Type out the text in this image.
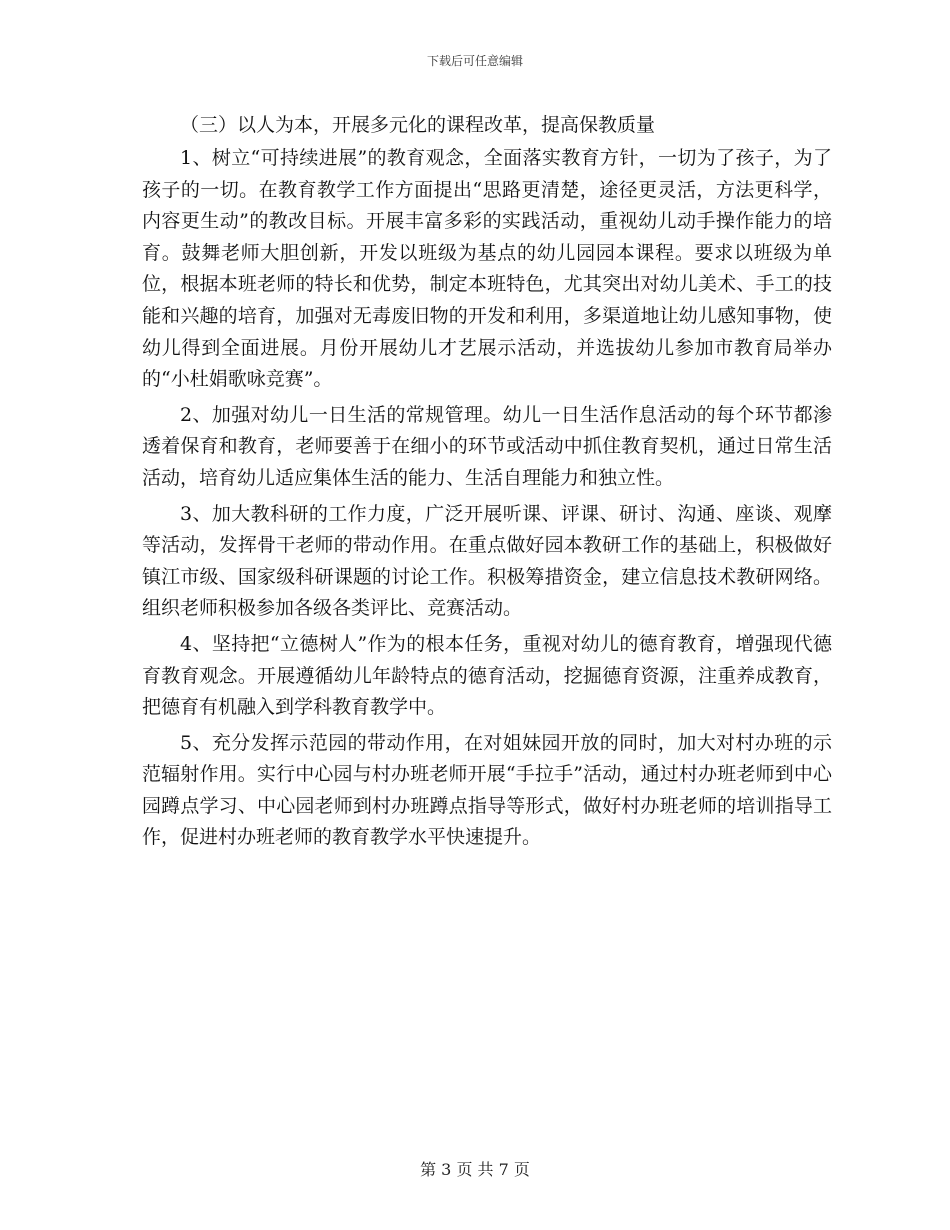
下载后可任意编辑

（三）以人为本，开展多元化的课程改革，提高保教质量

1、树立“可持续进展”的教育观念，全面落实教育方针，一切为了孩子，为了孩子的一切。在教育教学工作方面提出“思路更清楚，途径更灵活，方法更科学，内容更生动”的教改目标。开展丰富多彩的实践活动，重视幼儿动手操作能力的培育。鼓舞老师大胆创新，开发以班级为基点的幼儿园园本课程。要求以班级为单位，根据本班老师的特长和优势，制定本班特色，尤其突出对幼儿美术、手工的技能和兴趣的培育，加强对无毒废旧物的开发和利用，多渠道地让幼儿感知事物，使幼儿得到全面进展。月份开展幼儿才艺展示活动，并选拔幼儿参加市教育局举办的“小杜娟歌咏竞赛”。

2、加强对幼儿一日生活的常规管理。幼儿一日生活作息活动的每个环节都渗透着保育和教育，老师要善于在细小的环节或活动中抓住教育契机，通过日常生活活动，培育幼儿适应集体生活的能力、生活自理能力和独立性。

3、加大教科研的工作力度，广泛开展听课、评课、研讨、沟通、座谈、观摩等活动，发挥骨干老师的带动作用。在重点做好园本教研工作的基础上，积极做好镇江市级、国家级科研课题的讨论工作。积极筹措资金，建立信息技术教研网络。组织老师积极参加各级各类评比、竞赛活动。

4、坚持把“立德树人”作为的根本任务，重视对幼儿的德育教育，增强现代德育教育观念。开展遵循幼儿年龄特点的德育活动，挖掘德育资源，注重养成教育，把德育有机融入到学科教育教学中。

5、充分发挥示范园的带动作用，在对姐妹园开放的同时，加大对村办班的示范辐射作用。实行中心园与村办班老师开展“手拉手”活动，通过村办班老师到中心园蹲点学习、中心园老师到村办班蹲点指导等形式，做好村办班老师的培训指导工作，促进村办班老师的教育教学水平快速提升。

第 3 页 共 7 页
